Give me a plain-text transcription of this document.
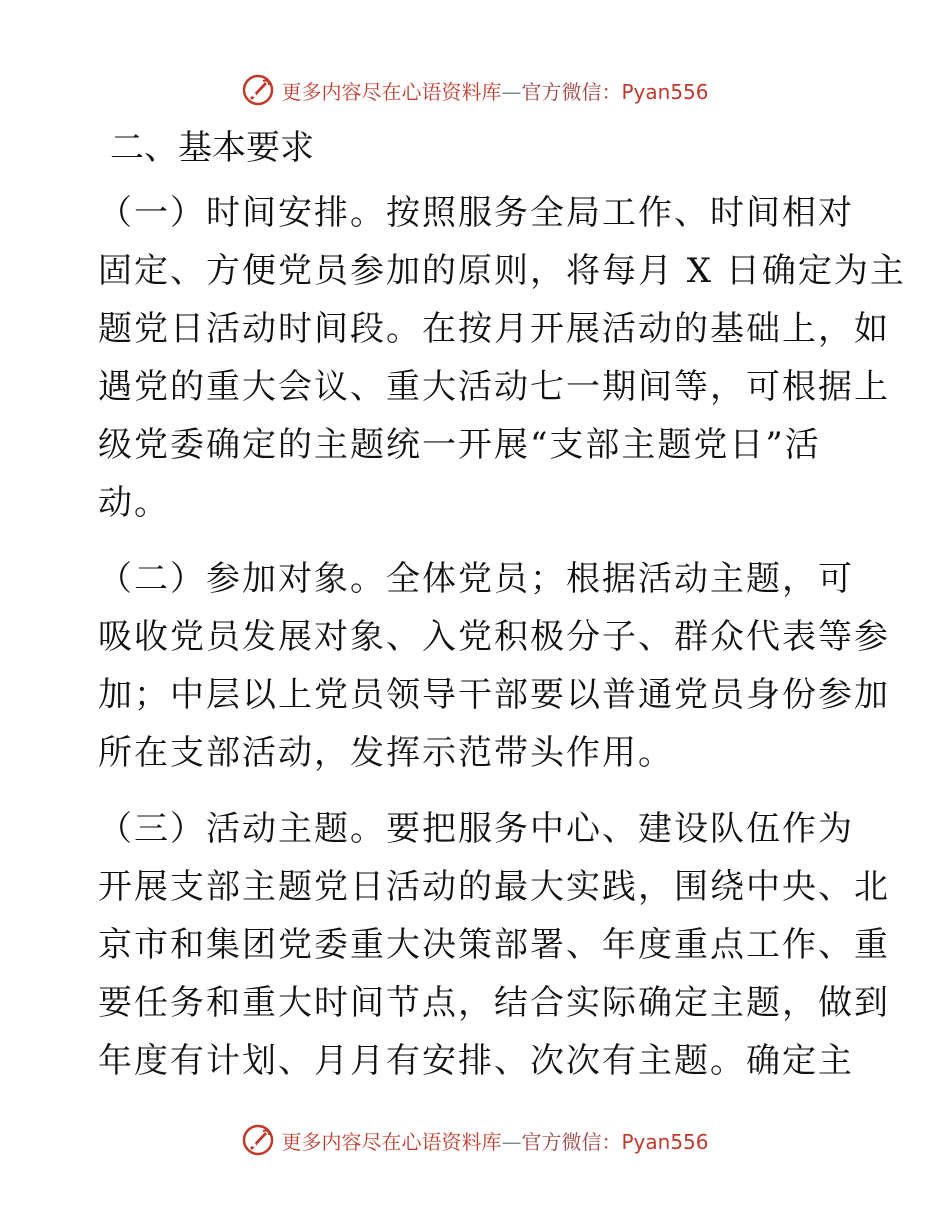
更多内容尽在心语资料库—官方微信：Pyan556
二、基本要求
（一）时间安排。按照服务全局工作、时间相对
固定、方便党员参加的原则，将每月 X 日确定为主
题党日活动时间段。在按月开展活动的基础上，如
遇党的重大会议、重大活动七一期间等，可根据上
级党委确定的主题统一开展“支部主题党日”活
动。
（二）参加对象。全体党员；根据活动主题，可
吸收党员发展对象、入党积极分子、群众代表等参
加；中层以上党员领导干部要以普通党员身份参加
所在支部活动，发挥示范带头作用。
（三）活动主题。要把服务中心、建设队伍作为
开展支部主题党日活动的最大实践，围绕中央、北
京市和集团党委重大决策部署、年度重点工作、重
要任务和重大时间节点，结合实际确定主题，做到
年度有计划、月月有安排、次次有主题。确定主
更多内容尽在心语资料库—官方微信：Pyan556
